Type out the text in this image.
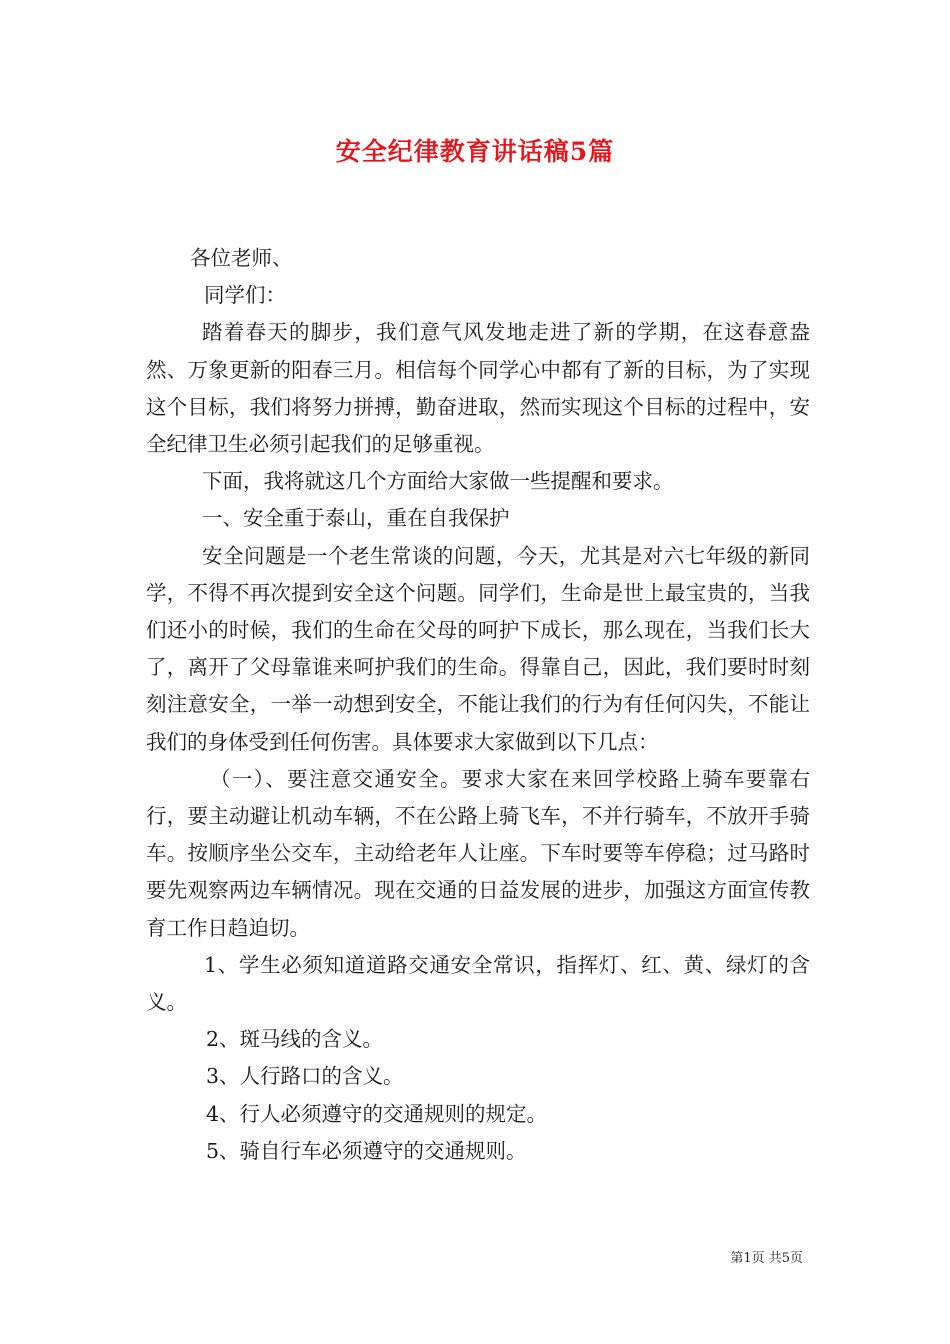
安全纪律教育讲话稿5篇

各位老师、

同学们：

踏着春天的脚步，我们意气风发地走进了新的学期，在这春意盎然、万象更新的阳春三月。相信每个同学心中都有了新的目标，为了实现这个目标，我们将努力拼搏，勤奋进取，然而实现这个目标的过程中，安全纪律卫生必须引起我们的足够重视。

下面，我将就这几个方面给大家做一些提醒和要求。

一、安全重于泰山，重在自我保护

安全问题是一个老生常谈的问题，今天，尤其是对六七年级的新同学，不得不再次提到安全这个问题。同学们，生命是世上最宝贵的，当我们还小的时候，我们的生命在父母的呵护下成长，那么现在，当我们长大了，离开了父母靠谁来呵护我们的生命。得靠自己，因此，我们要时时刻刻注意安全，一举一动想到安全，不能让我们的行为有任何闪失，不能让我们的身体受到任何伤害。具体要求大家做到以下几点：

（一）、要注意交通安全。要求大家在来回学校路上骑车要靠右行，要主动避让机动车辆，不在公路上骑飞车，不并行骑车，不放开手骑车。按顺序坐公交车，主动给老年人让座。下车时要等车停稳；过马路时要先观察两边车辆情况。现在交通的日益发展的进步，加强这方面宣传教育工作日趋迫切。

1、学生必须知道道路交通安全常识，指挥灯、红、黄、绿灯的含义。

2、斑马线的含义。

3、人行路口的含义。

4、行人必须遵守的交通规则的规定。

5、骑自行车必须遵守的交通规则。

第1页 共5页
